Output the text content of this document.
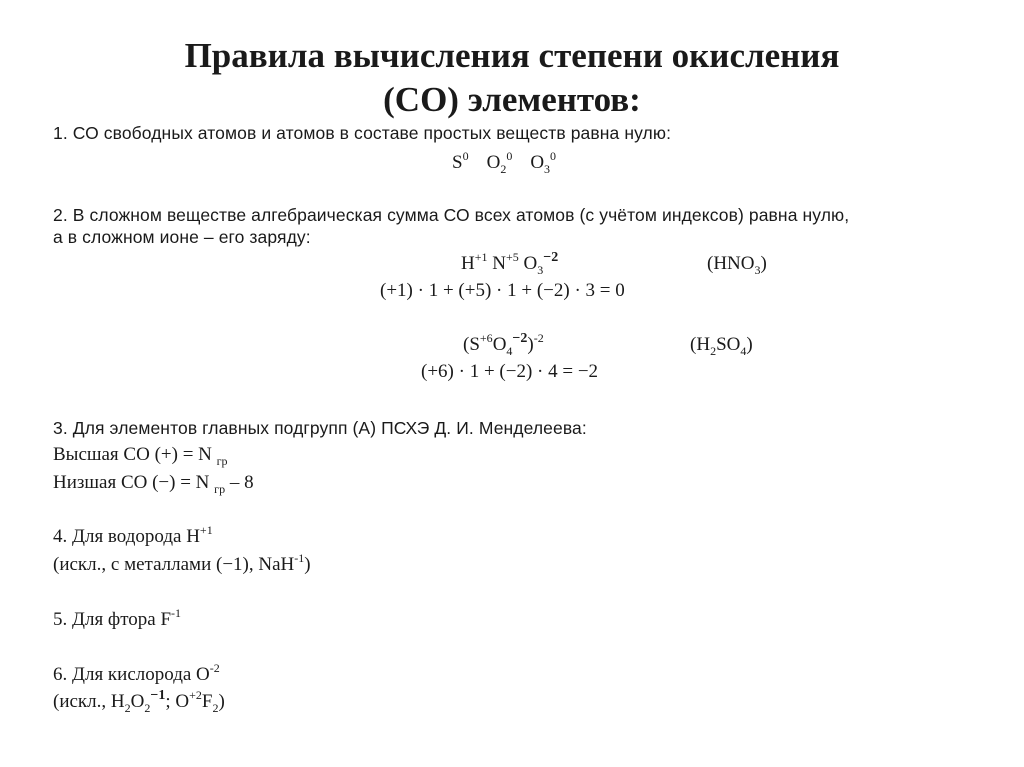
Правила вычисления степени окисления
(СО) элементов:
1. СО свободных атомов и атомов в составе простых веществ равна нулю:
$S^0$ $O_2^0$ $O_3^0$
2. В сложном веществе алгебраическая сумма СО всех атомов (с учётом индексов) равна нулю,
а в сложном ионе – его заряду:
$H^{+1}$ $N^{+5}$ $O_3^{-2}$	$(HNO_3)$
(+1) · 1 + (+5) · 1 + (−2) · 3 = 0
$(S^{+6}O_4^{-2})^{-2}$	$(H_2SO_4)$
(+6) · 1 + (−2) · 4 = −2
3. Для элементов главных подгрупп (А) ПСХЭ Д. И. Менделеева:
Высшая СО (+) = N $_{гр}$
Низшая СО (−) = N $_{гр}$ – 8
4. Для водорода $H^{+1}$
(искл., с металлами (−1), NaH$^{-1}$)
5. Для фтора $F^{-1}$
6. Для кислорода $O^{-2}$
(искл., $H_2O_2^{-1}$; $O^{+2}F_2$)
